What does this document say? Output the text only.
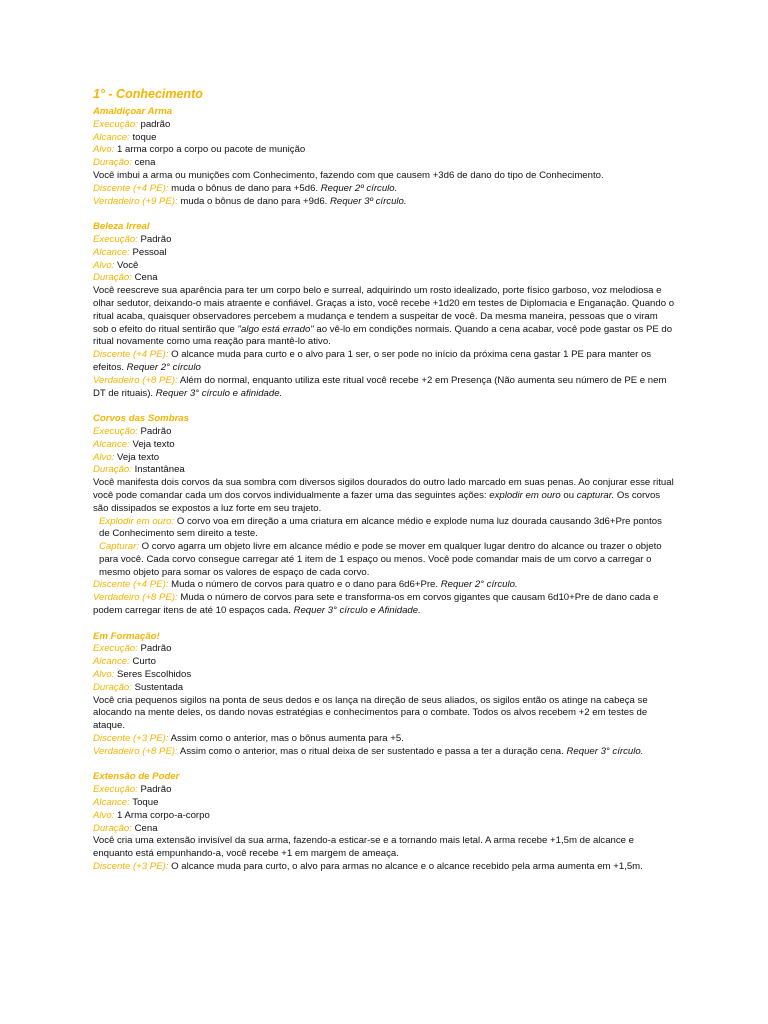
1° - Conhecimento
Amaldiçoar Arma
Execução: padrão
Alcance: toque
Alvo: 1 arma corpo a corpo ou pacote de munição
Duração: cena

Você imbui a arma ou munições com Conhecimento, fazendo com que causem +3d6 de dano do tipo de Conhecimento.

Discente (+4 PE): muda o bônus de dano para +5d6. Requer 2º círculo.

Verdadeiro (+9 PE): muda o bônus de dano para +9d6. Requer 3º círculo.

Beleza Irreal
Execução: Padrão
Alcance: Pessoal
Alvo: Você
Duração: Cena

Você reescreve sua aparência para ter um corpo belo e surreal, adquirindo um rosto idealizado, porte físico garboso, voz melodiosa e olhar sedutor, deixando-o mais atraente e confiável. Graças a isto, você recebe +1d20 em testes de Diplomacia e Enganação. Quando o ritual acaba, quaisquer observadores percebem a mudança e tendem a suspeitar de você. Da mesma maneira, pessoas que o viram sob o efeito do ritual sentirão que "algo está errado" ao vê-lo em condições normais. Quando a cena acabar, você pode gastar os PE do ritual novamente como uma reação para mantê-lo ativo.

Discente (+4 PE): O alcance muda para curto e o alvo para 1 ser, o ser pode no início da próxima cena gastar 1 PE para manter os efeitos. Requer 2° círculo

Verdadeiro (+8 PE): Além do normal, enquanto utiliza este ritual você recebe +2 em Presença (Não aumenta seu número de PE e nem DT de rituais). Requer 3° círculo e afinidade.

Corvos das Sombras
Execução: Padrão
Alcance: Veja texto
Alvo: Veja texto
Duração: Instantânea

Você manifesta dois corvos da sua sombra com diversos sigilos dourados do outro lado marcado em suas penas. Ao conjurar esse ritual você pode comandar cada um dos corvos individualmente a fazer uma das seguintes ações: explodir em ouro ou capturar. Os corvos são dissipados se expostos a luz forte em seu trajeto.

Explodir em ouro: O corvo voa em direção a uma criatura em alcance médio e explode numa luz dourada causando 3d6+Pre pontos de Conhecimento sem direito a teste.

Capturar: O corvo agarra um objeto livre em alcance médio e pode se mover em qualquer lugar dentro do alcance ou trazer o objeto para você. Cada corvo consegue carregar até 1 item de 1 espaço ou menos. Você pode comandar mais de um corvo a carregar o mesmo objeto para somar os valores de espaço de cada corvo.

Discente (+4 PE): Muda o número de corvos para quatro e o dano para 6d6+Pre. Requer 2° círculo.

Verdadeiro (+8 PE): Muda o número de corvos para sete e transforma-os em corvos gigantes que causam 6d10+Pre de dano cada e podem carregar itens de até 10 espaços cada. Requer 3° círculo e Afinidade.

Em Formação!
Execução: Padrão
Alcance: Curto
Alvo: Seres Escolhidos
Duração: Sustentada

Você cria pequenos sigilos na ponta de seus dedos e os lança na direção de seus aliados, os sigilos então os atinge na cabeça se alocando na mente deles, os dando novas estratégias e conhecimentos para o combate. Todos os alvos recebem +2 em testes de ataque.

Discente (+3 PE): Assim como o anterior, mas o bônus aumenta para +5.

Verdadeiro (+8 PE): Assim como o anterior, mas o ritual deixa de ser sustentado e passa a ter a duração cena. Requer 3° círculo.

Extensão de Poder
Execução: Padrão
Alcance: Toque
Alvo: 1 Arma corpo-a-corpo
Duração: Cena

Você cria uma extensão invisível da sua arma, fazendo-a esticar-se e a tornando mais letal. A arma recebe +1,5m de alcance e enquanto está empunhando-a, você recebe +1 em margem de ameaça.

Discente (+3 PE): O alcance muda para curto, o alvo para armas no alcance e o alcance recebido pela arma aumenta em +1,5m.
